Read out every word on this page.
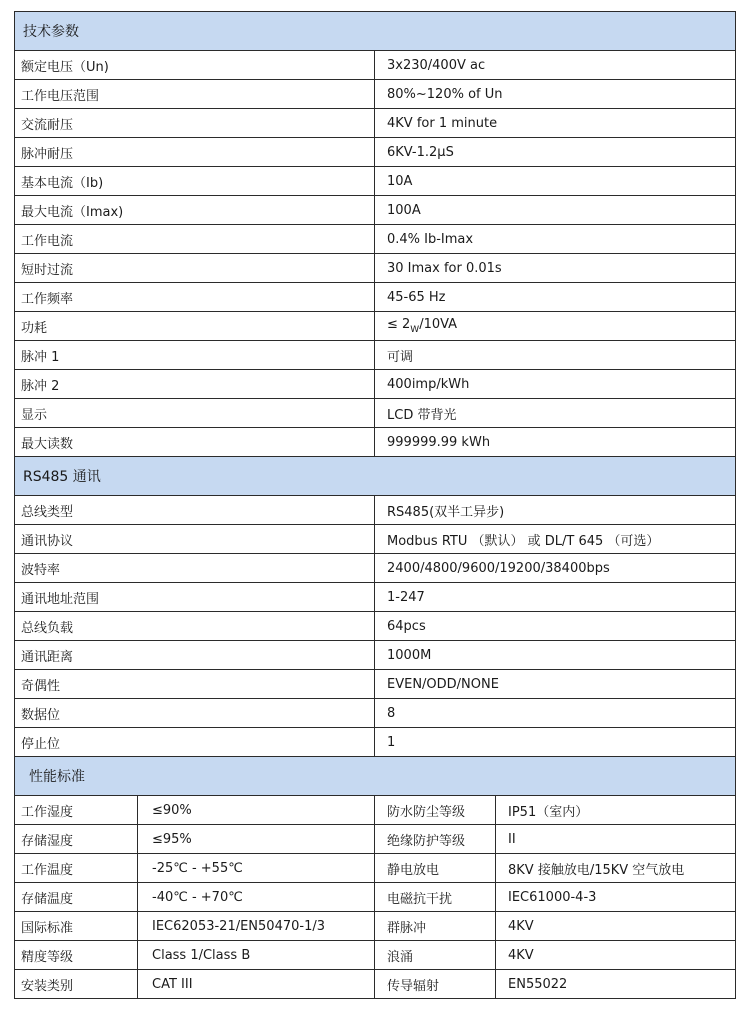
技术参数	
额定电压（Un)	3x230/400V ac
工作电压范围	80%~120% of Un
交流耐压	4KV for 1 minute
脉冲耐压	6KV-1.2μS
基本电流（Ib)	10A
最大电流（Imax)	100A
工作电流	0.4% Ib-Imax
短时过流	30 Imax for 0.01s
工作频率	45-65 Hz
功耗	≤ $2_W/10VA$
脉冲 1	可调
脉冲 2	400imp/kWh
显示	LCD 带背光
最大读数	999999.99 kWh
RS485 通讯	
总线类型	RS485(双半工异步)
通讯协议	Modbus RTU （默认） 或 DL/T 645 （可选）
波特率	2400/4800/9600/19200/38400bps
通讯地址范围	1-247
总线负载	64pcs
通讯距离	1000M
奇偶性	EVEN/ODD/NONE
数据位	8
停止位	1
性能标准			
工作湿度	≤90%	防水防尘等级	IP51（室内）
存储湿度	≤95%	绝缘防护等级	II
工作温度	-25℃ - +55℃	静电放电	8KV 接触放电/15KV 空气放电
存储温度	-40℃ - +70℃	电磁抗干扰	IEC61000-4-3
国际标准	IEC62053-21/EN50470-1/3	群脉冲	4KV
精度等级	Class 1/Class B	浪涌	4KV
安装类别	CAT III	传导辐射	EN55022
